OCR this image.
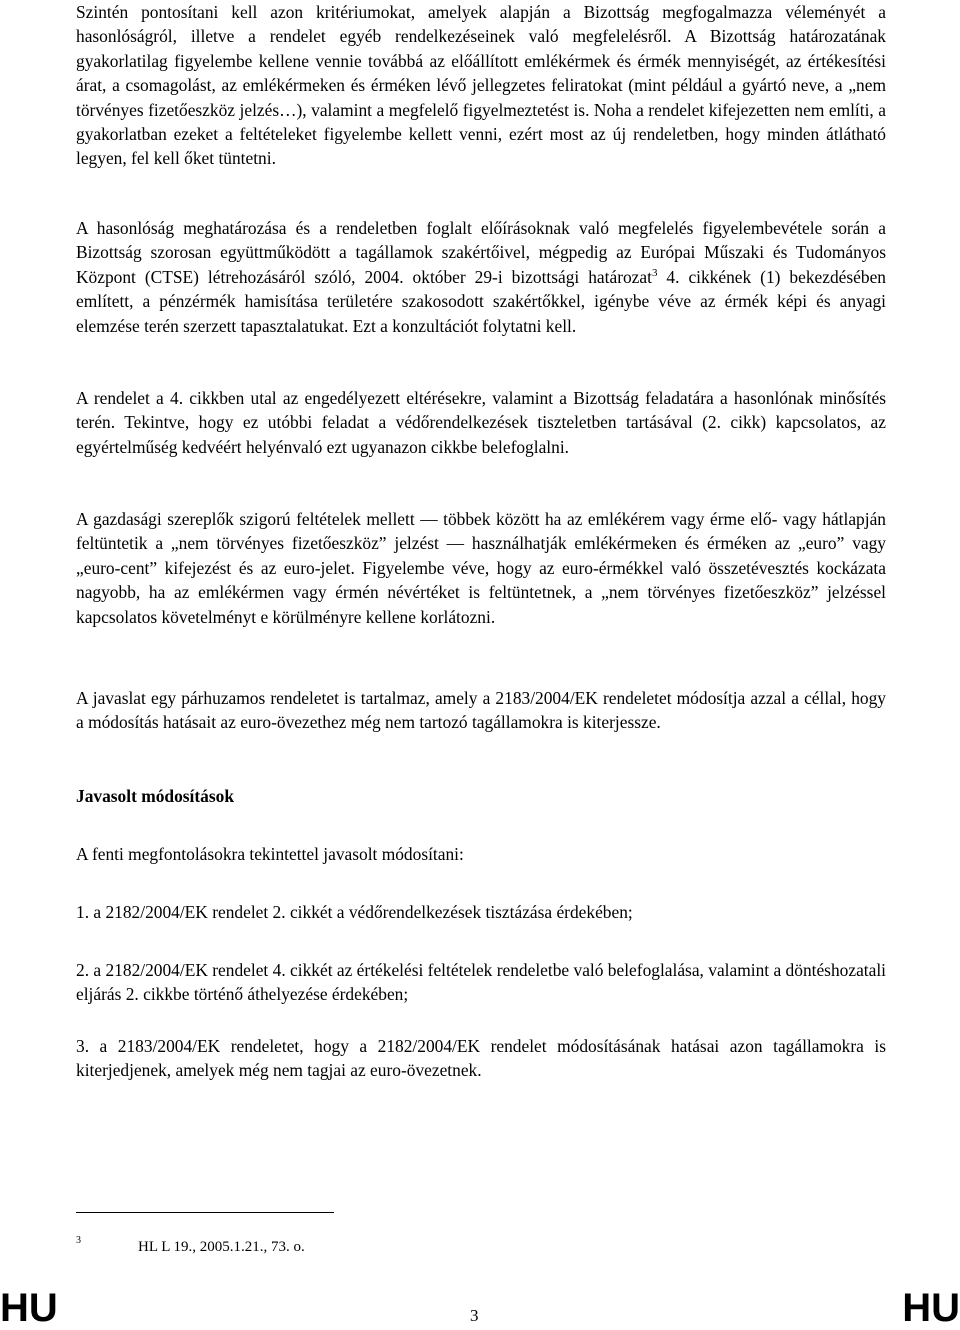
Szintén pontosítani kell azon kritériumokat, amelyek alapján a Bizottság megfogalmazza véleményét a hasonlóságról, illetve a rendelet egyéb rendelkezéseinek való megfelelésről. A Bizottság határozatának gyakorlatilag figyelembe kellene vennie továbbá az előállított emlékérmek és érmék mennyiségét, az értékesítési árat, a csomagolást, az emlékérmeken és érméken lévő jellegzetes feliratokat (mint például a gyártó neve, a „nem törvényes fizetőeszköz jelzés…), valamint a megfelelő figyelmeztetést is. Noha a rendelet kifejezetten nem említi, a gyakorlatban ezeket a feltételeket figyelembe kellett venni, ezért most az új rendeletben, hogy minden átlátható legyen, fel kell őket tüntetni.

A hasonlóság meghatározása és a rendeletben foglalt előírásoknak való megfelelés figyelembevétele során a Bizottság szorosan együttműködött a tagállamok szakértőivel, mégpedig az Európai Műszaki és Tudományos Központ (CTSE) létrehozásáról szóló, 2004. október 29-i bizottsági határozat$^3$ 4. cikkének (1) bekezdésében említett, a pénzérmék hamisítása területére szakosodott szakértőkkel, igénybe véve az érmék képi és anyagi elemzése terén szerzett tapasztalatukat. Ezt a konzultációt folytatni kell.

A rendelet a 4. cikkben utal az engedélyezett eltérésekre, valamint a Bizottság feladatára a hasonlónak minősítés terén. Tekintve, hogy ez utóbbi feladat a védőrendelkezések tiszteletben tartásával (2. cikk) kapcsolatos, az egyértelműség kedvéért helyénvaló ezt ugyanazon cikkbe belefoglalni.

A gazdasági szereplők szigorú feltételek mellett — többek között ha az emlékérem vagy érme elő- vagy hátlapján feltüntetik a „nem törvényes fizetőeszköz” jelzést — használhatják emlékérmeken és érméken az „euro” vagy „euro-cent” kifejezést és az euro-jelet. Figyelembe véve, hogy az euro-érmékkel való összetévesztés kockázata nagyobb, ha az emlékérmen vagy érmén névértéket is feltüntetnek, a „nem törvényes fizetőeszköz” jelzéssel kapcsolatos követelményt e körülményre kellene korlátozni.

A javaslat egy párhuzamos rendeletet is tartalmaz, amely a 2183/2004/EK rendeletet módosítja azzal a céllal, hogy a módosítás hatásait az euro-övezethez még nem tartozó tagállamokra is kiterjessze.

Javasolt módosítások

A fenti megfontolásokra tekintettel javasolt módosítani:

1. a 2182/2004/EK rendelet 2. cikkét a védőrendelkezések tisztázása érdekében;

2. a 2182/2004/EK rendelet 4. cikkét az értékelési feltételek rendeletbe való belefoglalása, valamint a döntéshozatali eljárás 2. cikkbe történő áthelyezése érdekében;

3. a 2183/2004/EK rendeletet, hogy a 2182/2004/EK rendelet módosításának hatásai azon tagállamokra is kiterjedjenek, amelyek még nem tagjai az euro-övezetnek.

3	HL L 19., 2005.1.21., 73. o.
HU	3	HU
